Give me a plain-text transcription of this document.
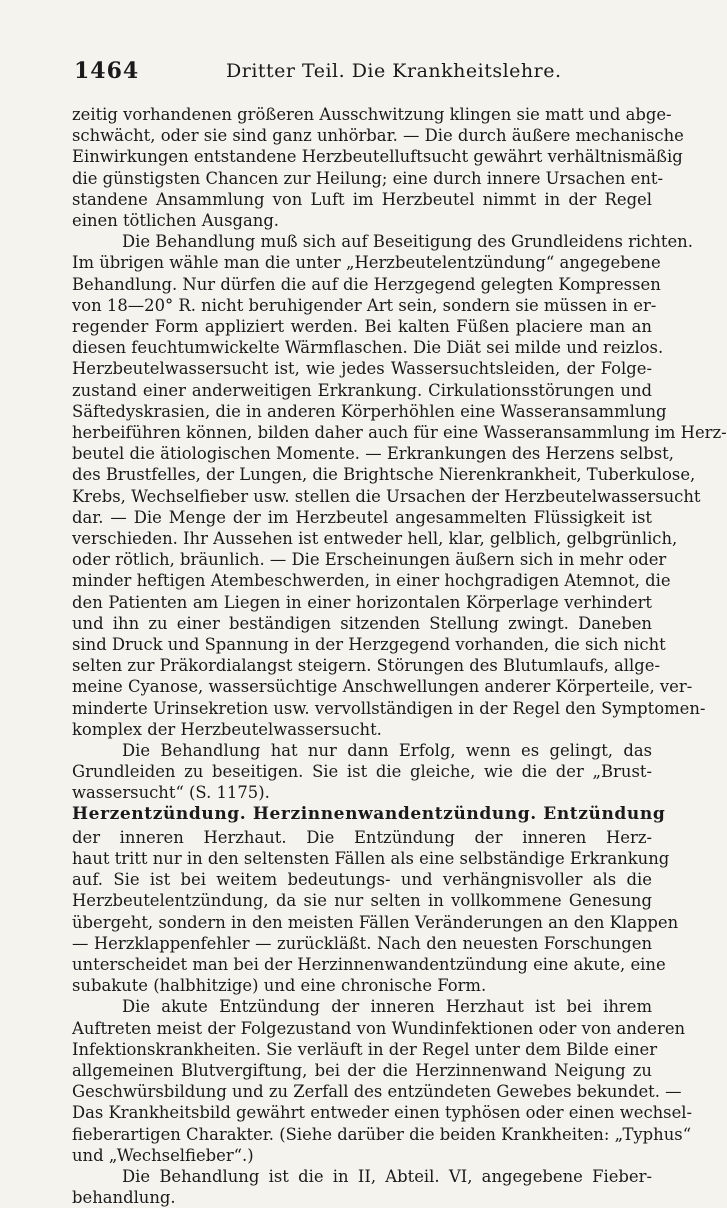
1464	Dritter Teil. Die Krankheitslehre.
zeitig vorhandenen größeren Ausschwitzung klingen sie matt und abge-
schwächt, oder sie sind ganz unhörbar. — Die durch äußere mechanische
Einwirkungen entstandene Herzbeutelluftsucht gewährt verhältnismäßig
die günstigsten Chancen zur Heilung; eine durch innere Ursachen ent-
standene Ansammlung von Luft im Herzbeutel nimmt in der Regel
einen tötlichen Ausgang.
Die Behandlung muß sich auf Beseitigung des Grundleidens richten.
Im übrigen wähle man die unter „Herzbeutelentzündung“ angegebene
Behandlung. Nur dürfen die auf die Herzgegend gelegten Kompressen
von 18—20° R. nicht beruhigender Art sein, sondern sie müssen in er-
regender Form appliziert werden. Bei kalten Füßen placiere man an
diesen feuchtumwickelte Wärmflaschen. Die Diät sei milde und reizlos.
Herzbeutelwassersucht ist, wie jedes Wassersuchtsleiden, der Folge-
zustand einer anderweitigen Erkrankung. Cirkulationsstörungen und
Säftedyskrasien, die in anderen Körperhöhlen eine Wasseransammlung
herbeiführen können, bilden daher auch für eine Wasseransammlung im Herz-
beutel die ätiologischen Momente. — Erkrankungen des Herzens selbst,
des Brustfelles, der Lungen, die Brightsche Nierenkrankheit, Tuberkulose,
Krebs, Wechselfieber usw. stellen die Ursachen der Herzbeutelwassersucht
dar. — Die Menge der im Herzbeutel angesammelten Flüssigkeit ist
verschieden. Ihr Aussehen ist entweder hell, klar, gelblich, gelbgrünlich,
oder rötlich, bräunlich. — Die Erscheinungen äußern sich in mehr oder
minder heftigen Atembeschwerden, in einer hochgradigen Atemnot, die
den Patienten am Liegen in einer horizontalen Körperlage verhindert
und ihn zu einer beständigen sitzenden Stellung zwingt. Daneben
sind Druck und Spannung in der Herzgegend vorhanden, die sich nicht
selten zur Präkordialangst steigern. Störungen des Blutumlaufs, allge-
meine Cyanose, wassersüchtige Anschwellungen anderer Körperteile, ver-
minderte Urinsekretion usw. vervollständigen in der Regel den Symptomen-
komplex der Herzbeutelwassersucht.
Die Behandlung hat nur dann Erfolg, wenn es gelingt, das
Grundleiden zu beseitigen. Sie ist die gleiche, wie die der „Brust-
wassersucht“ (S. 1175).
Herzentzündung. Herzinnenwandentzündung. Entzündung
der inneren Herzhaut. Die Entzündung der inneren Herz-
haut tritt nur in den seltensten Fällen als eine selbständige Erkrankung
auf. Sie ist bei weitem bedeutungs- und verhängnisvoller als die
Herzbeutelentzündung, da sie nur selten in vollkommene Genesung
übergeht, sondern in den meisten Fällen Veränderungen an den Klappen
— Herzklappenfehler — zurückläßt. Nach den neuesten Forschungen
unterscheidet man bei der Herzinnenwandentzündung eine akute, eine
subakute (halbhitzige) und eine chronische Form.
Die akute Entzündung der inneren Herzhaut ist bei ihrem
Auftreten meist der Folgezustand von Wundinfektionen oder von anderen
Infektionskrankheiten. Sie verläuft in der Regel unter dem Bilde einer
allgemeinen Blutvergiftung, bei der die Herzinnenwand Neigung zu
Geschwürsbildung und zu Zerfall des entzündeten Gewebes bekundet. —
Das Krankheitsbild gewährt entweder einen typhösen oder einen wechsel-
fieberartigen Charakter. (Siehe darüber die beiden Krankheiten: „Typhus“
und „Wechselfieber“.)
Die Behandlung ist die in II, Abteil. VI, angegebene Fieber-
behandlung.
